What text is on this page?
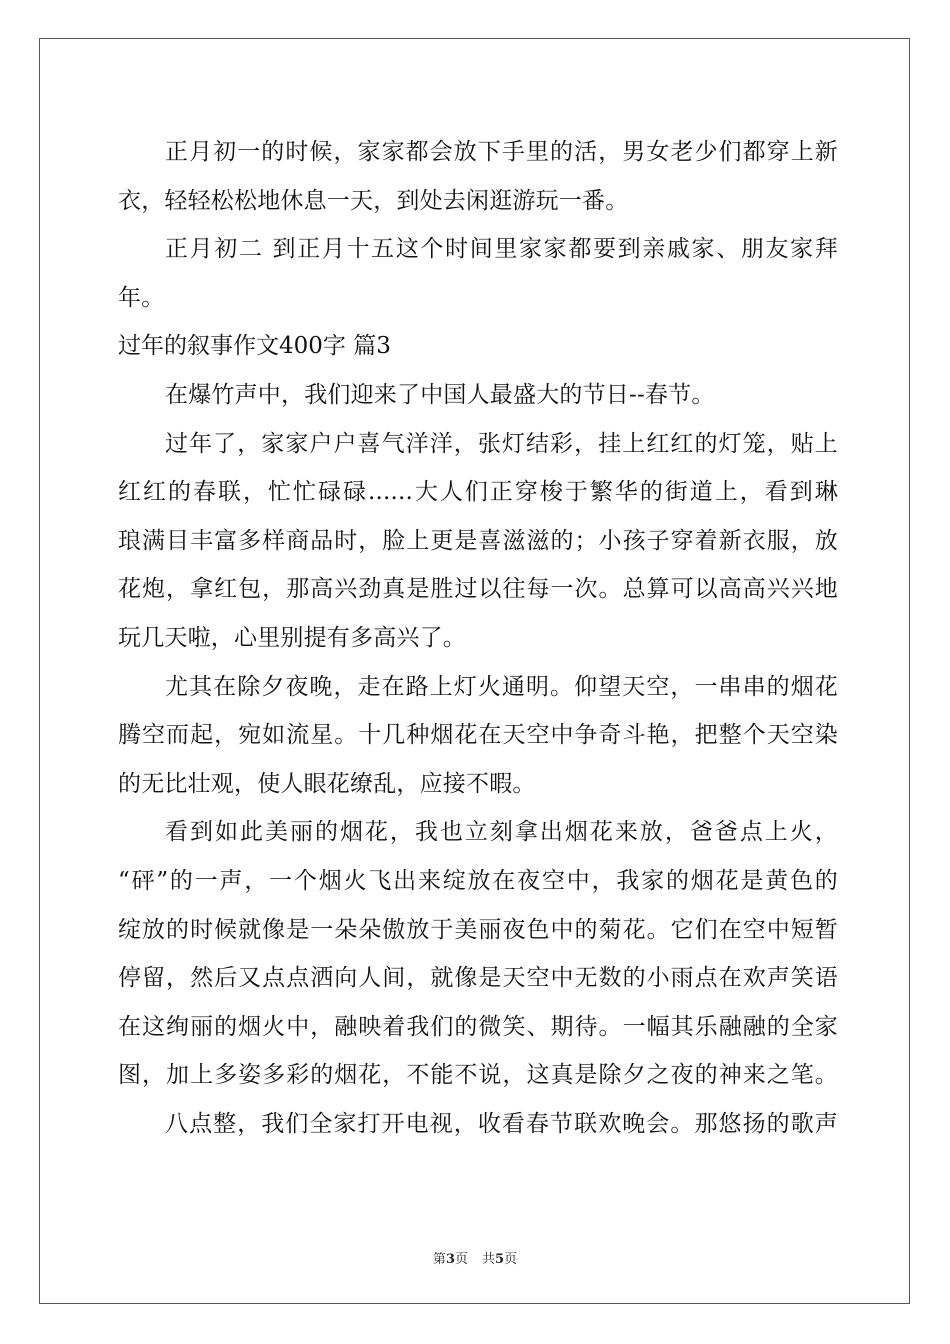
正月初一的时候，家家都会放下手里的活，男女老少们都穿上新
衣，轻轻松松地休息一天，到处去闲逛游玩一番。
正月初二 到正月十五这个时间里家家都要到亲戚家、朋友家拜
年。
过年的叙事作文400字 篇3
在爆竹声中，我们迎来了中国人最盛大的节日--春节。
过年了，家家户户喜气洋洋，张灯结彩，挂上红红的灯笼，贴上
红红的春联，忙忙碌碌......大人们正穿梭于繁华的街道上，看到琳
琅满目丰富多样商品时，脸上更是喜滋滋的；小孩子穿着新衣服，放
花炮，拿红包，那高兴劲真是胜过以往每一次。总算可以高高兴兴地
玩几天啦，心里别提有多高兴了。
尤其在除夕夜晚，走在路上灯火通明。仰望天空，一串串的烟花
腾空而起，宛如流星。十几种烟花在天空中争奇斗艳，把整个天空染
的无比壮观，使人眼花缭乱，应接不暇。
看到如此美丽的烟花，我也立刻拿出烟花来放，爸爸点上火，
“砰”的一声，一个烟火飞出来绽放在夜空中，我家的烟花是黄色的
绽放的时候就像是一朵朵傲放于美丽夜色中的菊花。它们在空中短暂
停留，然后又点点洒向人间，就像是天空中无数的小雨点在欢声笑语
在这绚丽的烟火中，融映着我们的微笑、期待。一幅其乐融融的全家
图，加上多姿多彩的烟花，不能不说，这真是除夕之夜的神来之笔。
八点整，我们全家打开电视，收看春节联欢晚会。那悠扬的歌声
第3页 共5页
